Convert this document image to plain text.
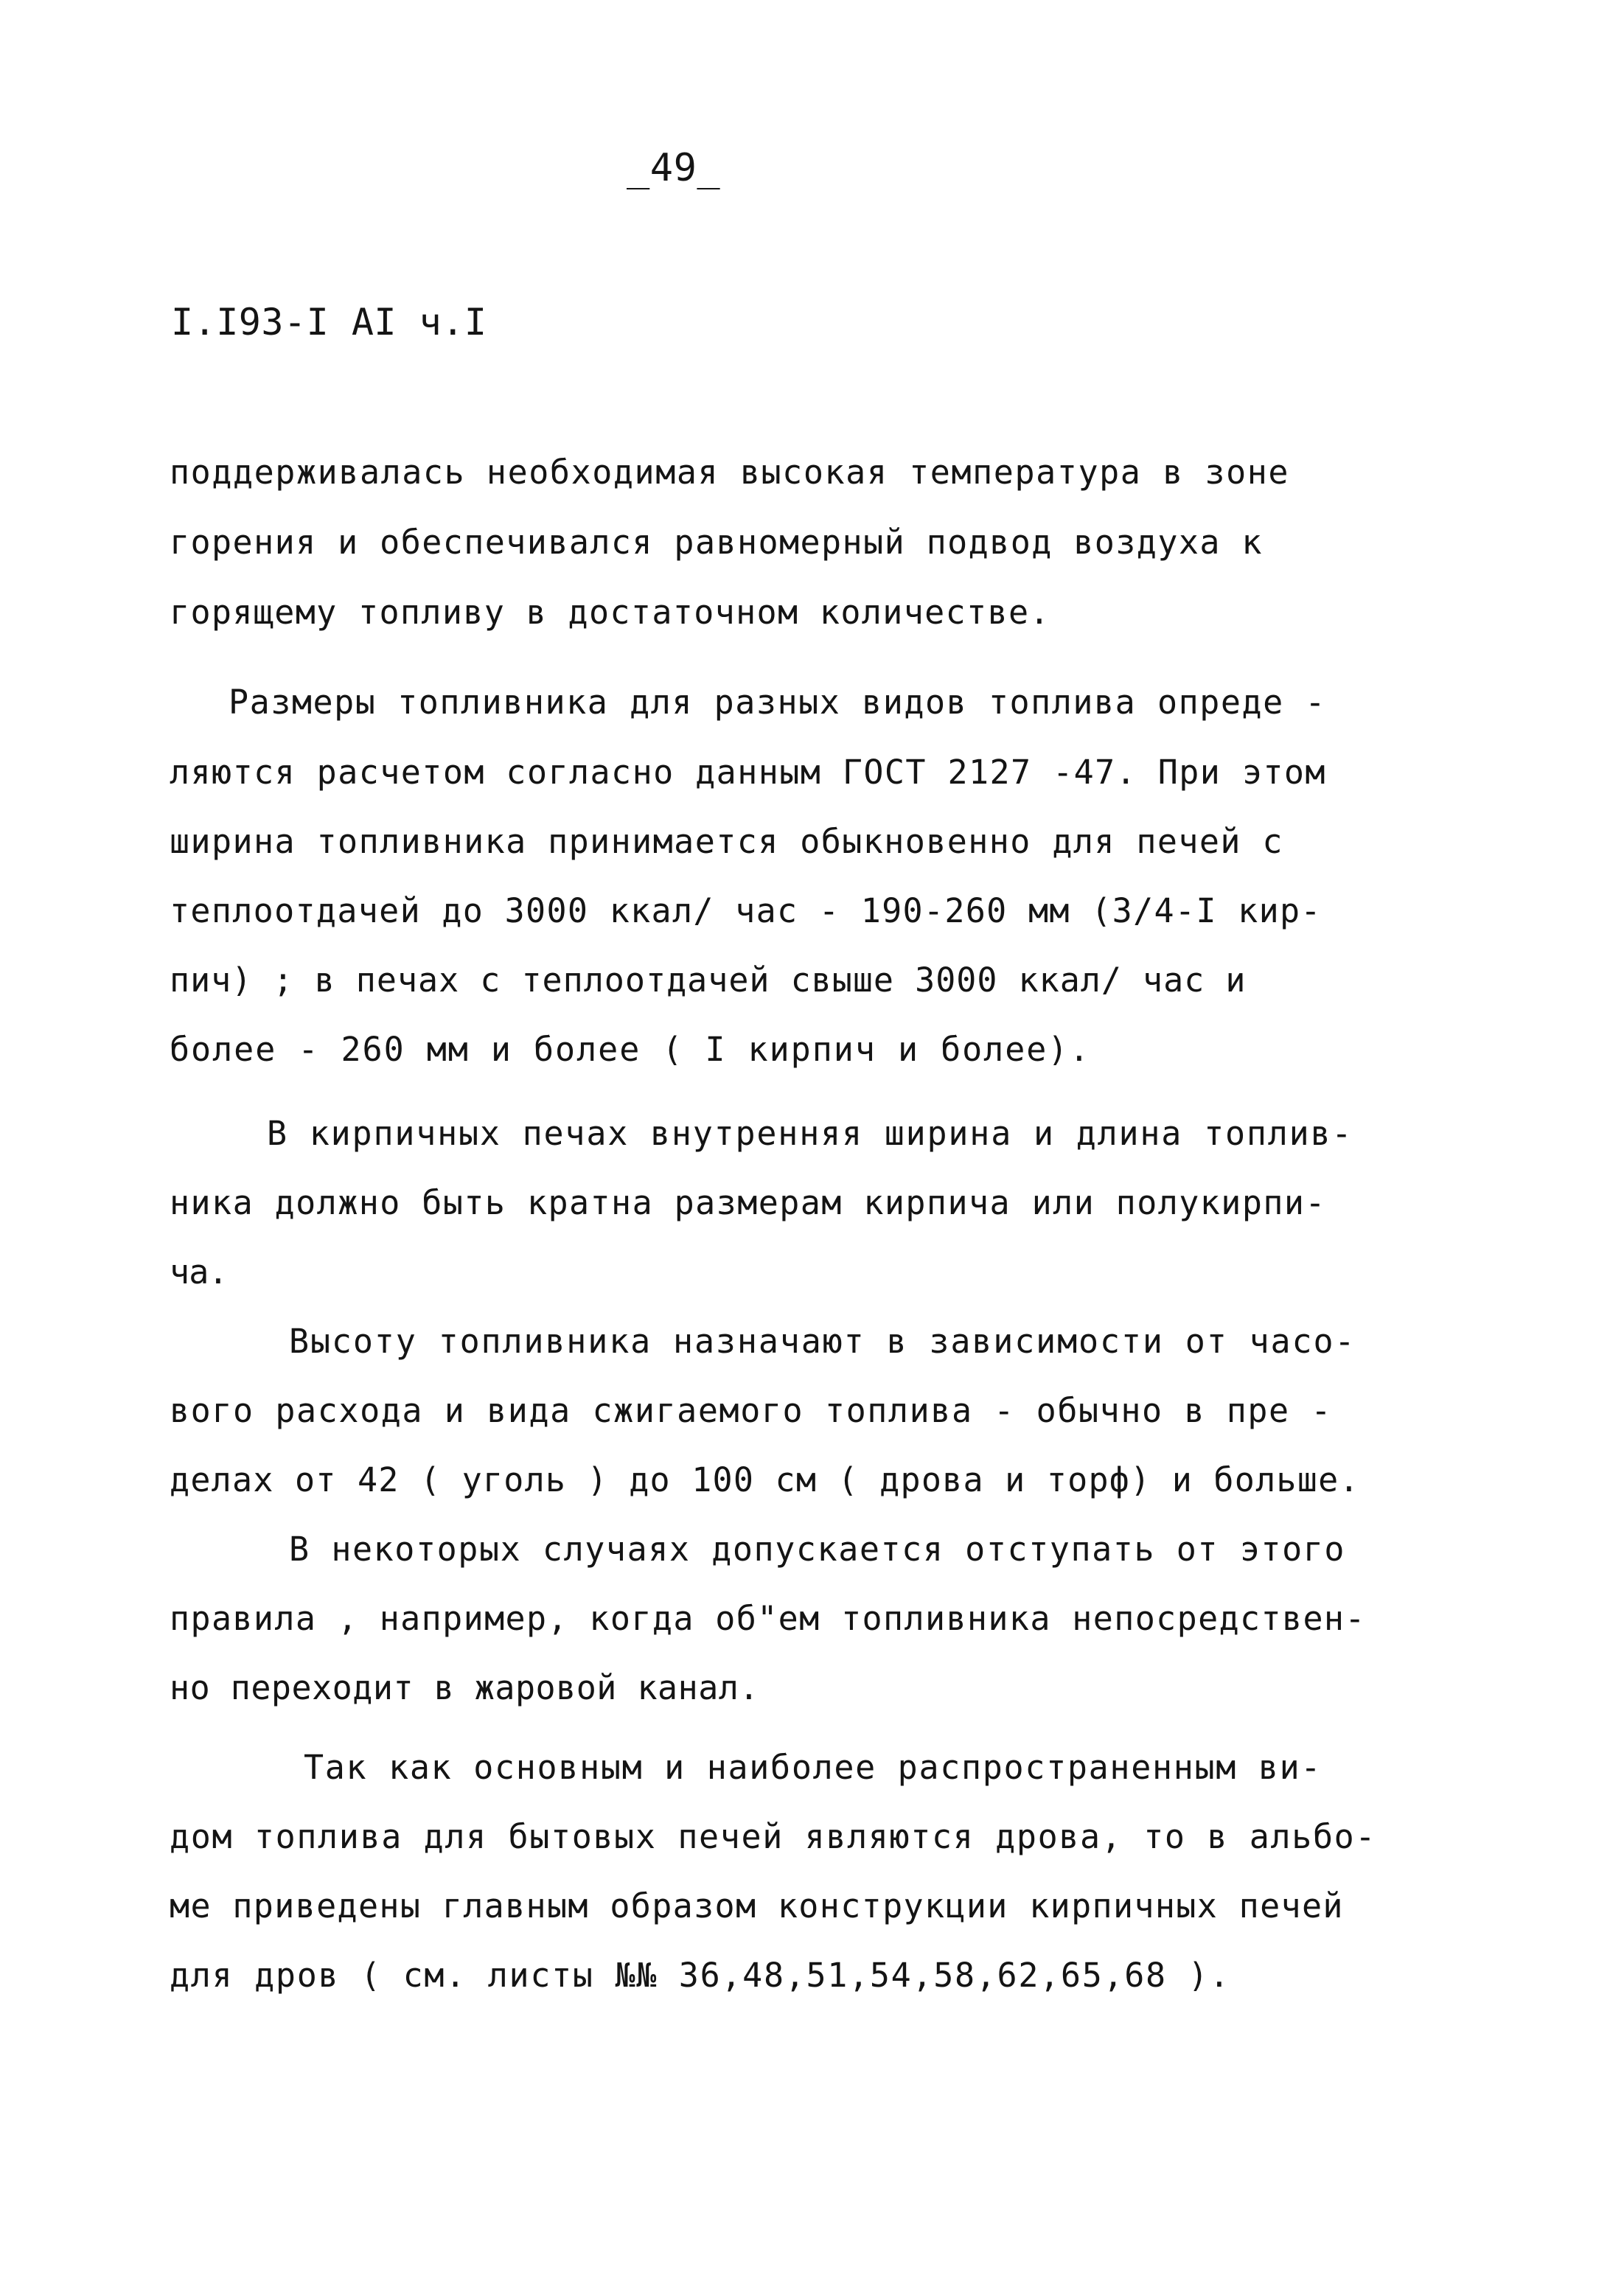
_49_
I.I93-I AI ч.I
поддерживалась необходимая высокая температура в зоне
горения и обеспечивался равномерный подвод воздуха к
горящему топливу в достаточном количестве.
Размеры топливника для разных видов топлива опреде -
ляются расчетом согласно данным ГОСТ 2127 -47. При этом
ширина топливника принимается обыкновенно для печей с
теплоотдачей до 3000 ккал/ час - 190-260 мм (3/4-I кир-
пич) ; в печах с теплоотдачей свыше 3000 ккал/ час и
более - 260 мм и более ( I кирпич и более).
В кирпичных печах внутренняя ширина и длина топлив-
ника должно быть кратна размерам кирпича или полукирпи-
ча.
Высоту топливника назначают в зависимости от часо-
вого расхода и вида сжигаемого топлива - обычно в пре -
делах от 42 ( уголь ) до 100 см ( дрова и торф) и больше.
В некоторых случаях допускается отступать от этого
правила , например, когда об"ем топливника непосредствен-
но переходит в жаровой канал.
Так как основным и наиболее распространенным ви-
дом топлива для бытовых печей являются дрова, то в альбо-
ме приведены главным образом конструкции кирпичных печей
для дров ( см. листы №№ 36,48,51,54,58,62,65,68 ).
